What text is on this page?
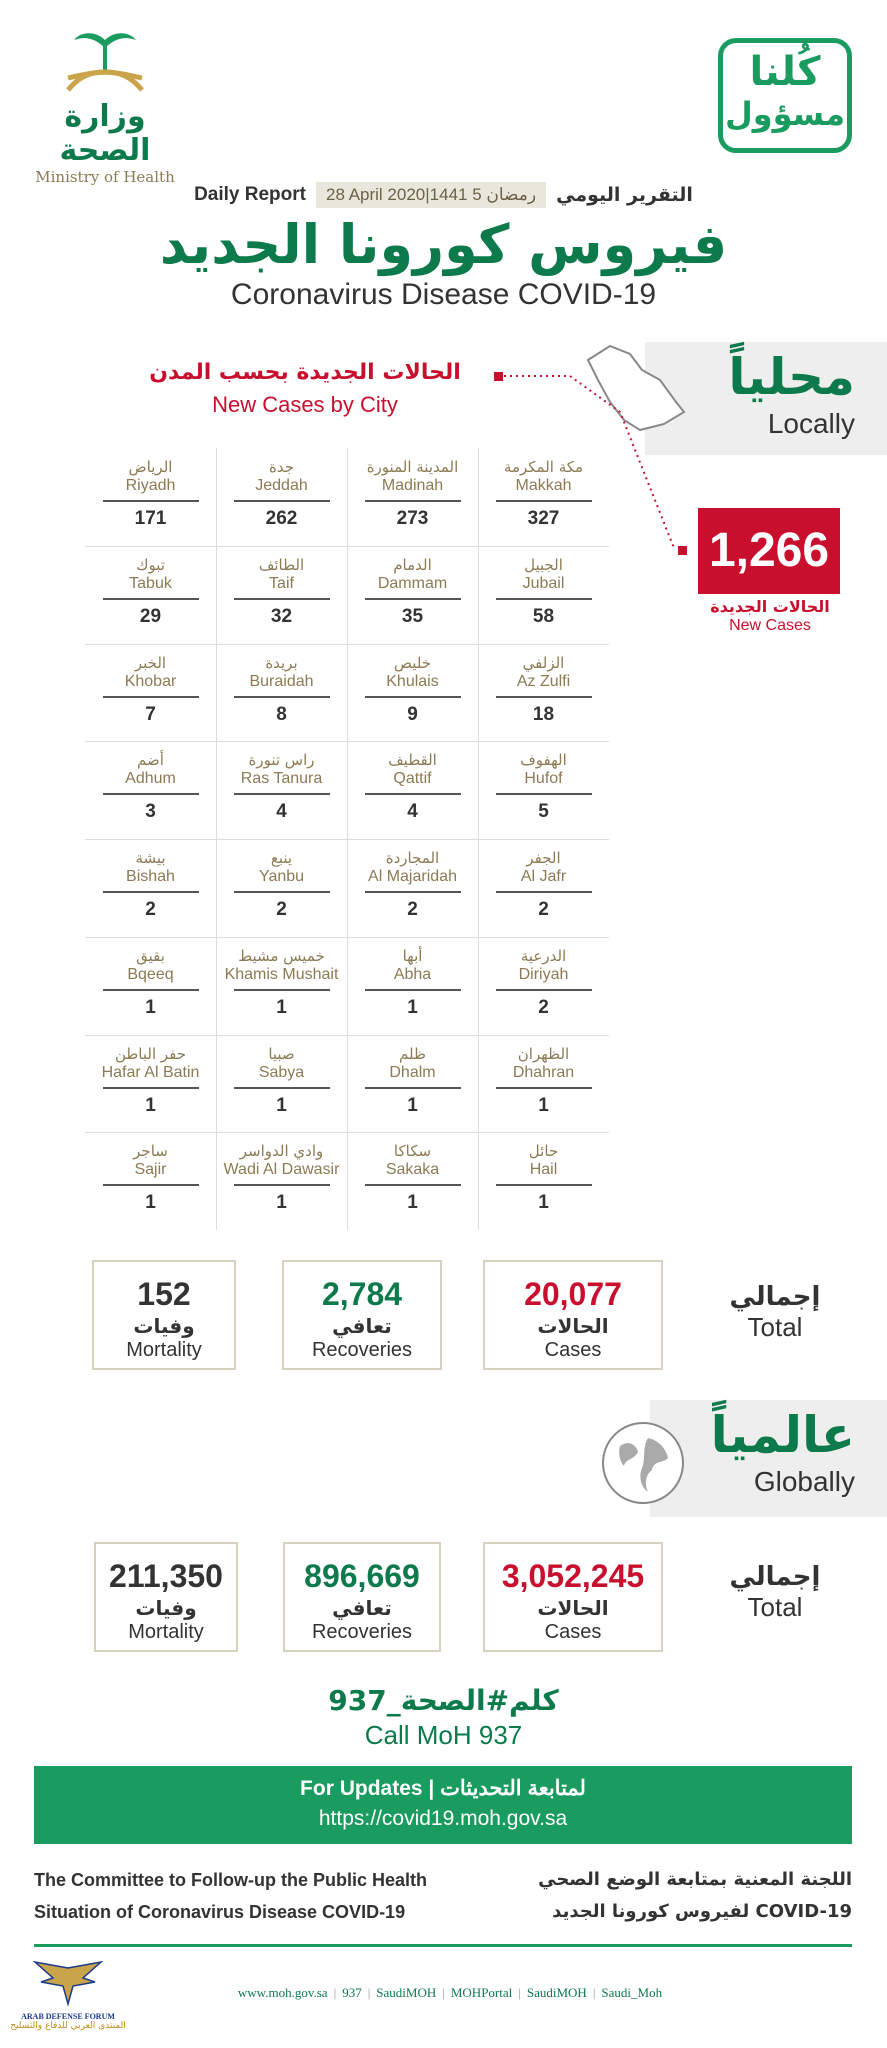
وزارة الصحة
Ministry of Health
كُلنا
مسؤول
Daily Report	28 April 2020|1441 5 رمضان	التقرير اليومي
فيروس كورونا الجديد
Coronavirus Disease COVID-19
محلياً
Locally
الحالات الجديدة بحسب المدن
New Cases by City
1,266
الحالات الجديدة
New Cases
مكة المكرمة
Makkah
327
المدينة المنورة
Madinah
273
جدة
Jeddah
262
الرياض
Riyadh
171
الجبيل
Jubail
58
الدمام
Dammam
35
الطائف
Taif
32
تبوك
Tabuk
29
الزلفي
Az Zulfi
18
خليص
Khulais
9
بريدة
Buraidah
8
الخبر
Khobar
7
الهفوف
Hufof
5
القطيف
Qattif
4
راس تنورة
Ras Tanura
4
أضم
Adhum
3
الجفر
Al Jafr
2
المجاردة
Al Majaridah
2
ينبع
Yanbu
2
بيشة
Bishah
2
الدرعية
Diriyah
2
أبها
Abha
1
خميس مشيط
Khamis Mushait
1
بقيق
Bqeeq
1
الظهران
Dhahran
1
ظلم
Dhalm
1
صبيا
Sabya
1
حفر الباطن
Hafar Al Batin
1
حائل
Hail
1
سكاكا
Sakaka
1
وادي الدواسر
Wadi Al Dawasir
1
ساجر
Sajir
1
152
وفيات
Mortality
2,784
تعافي
Recoveries
20,077
الحالات
Cases
إجمالي
Total
عالمياً
Globally
211,350
وفيات
Mortality
896,669
تعافي
Recoveries
3,052,245
الحالات
Cases
إجمالي
Total
كلم#الصحة_937
Call MoH 937
For Updates | لمتابعة التحديثات
https://covid19.moh.gov.sa
The Committee to Follow-up the Public Health
Situation of Coronavirus Disease COVID-19
اللجنة المعنية بمتابعة الوضع الصحي
لفيروس كورونا الجديد COVID-19
www.moh.gov.sa | 937 | SaudiMOH | MOHPortal | SaudiMOH | Saudi_Moh
ARAB DEFENSE FORUM
المنتدى العربي للدفاع والتسليح
